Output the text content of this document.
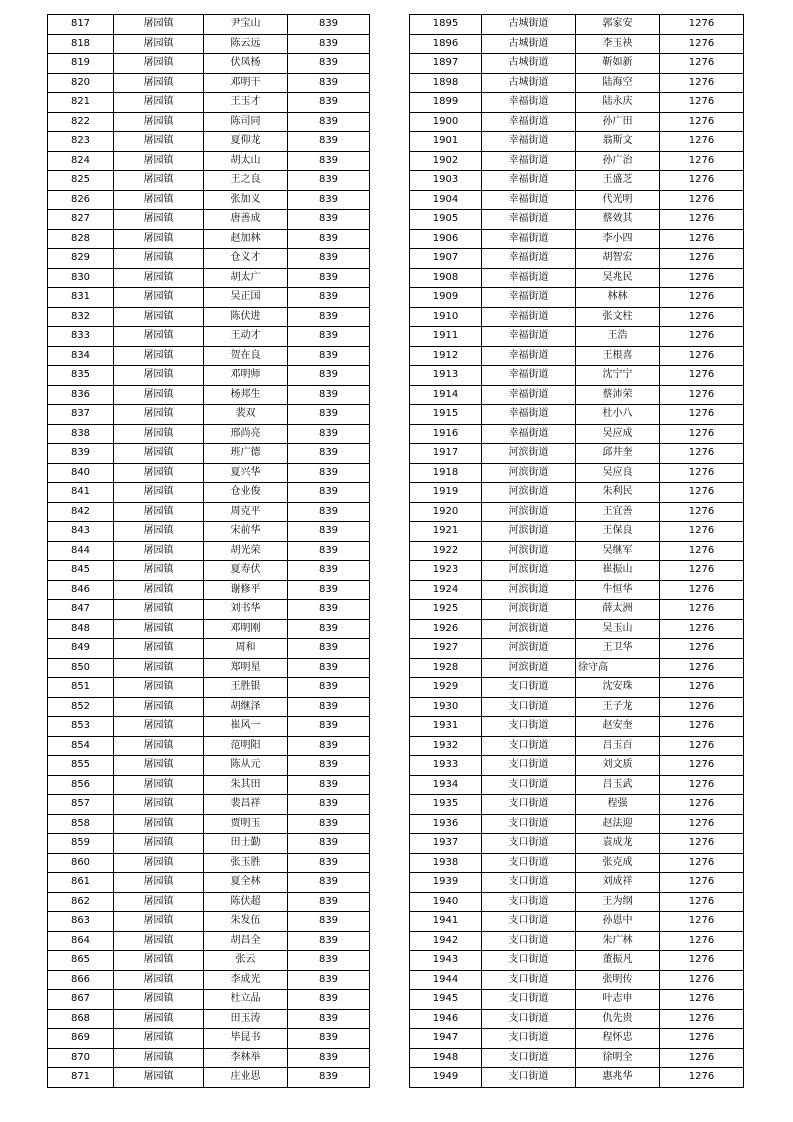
817	屠园镇	尹宝山	839
818	屠园镇	陈云远	839
819	屠园镇	伏凤杨	839
820	屠园镇	邓明干	839
821	屠园镇	王玉才	839
822	屠园镇	陈司同	839
823	屠园镇	夏仰龙	839
824	屠园镇	胡太山	839
825	屠园镇	王之良	839
826	屠园镇	张加义	839
827	屠园镇	唐善成	839
828	屠园镇	赵加林	839
829	屠园镇	仓义才	839
830	屠园镇	胡太广	839
831	屠园镇	吴正国	839
832	屠园镇	陈伏进	839
833	屠园镇	王动才	839
834	屠园镇	贺在良	839
835	屠园镇	邓明师	839
836	屠园镇	杨邦生	839
837	屠园镇	裴双	839
838	屠园镇	邢尚亮	839
839	屠园镇	班广德	839
840	屠园镇	夏兴华	839
841	屠园镇	仓业俊	839
842	屠园镇	周克平	839
843	屠园镇	宋前华	839
844	屠园镇	胡光荣	839
845	屠园镇	夏寿伏	839
846	屠园镇	谢修平	839
847	屠园镇	刘书华	839
848	屠园镇	邓明刚	839
849	屠园镇	周和	839
850	屠园镇	郑明星	839
851	屠园镇	王胜银	839
852	屠园镇	胡继泽	839
853	屠园镇	崔风一	839
854	屠园镇	范明阳	839
855	屠园镇	陈从元	839
856	屠园镇	朱其田	839
857	屠园镇	裴昌祥	839
858	屠园镇	贾明玉	839
859	屠园镇	田士勤	839
860	屠园镇	张玉胜	839
861	屠园镇	夏全林	839
862	屠园镇	陈伏超	839
863	屠园镇	朱发伍	839
864	屠园镇	胡昌全	839
865	屠园镇	张云	839
866	屠园镇	李成光	839
867	屠园镇	杜立品	839
868	屠园镇	田玉涛	839
869	屠园镇	毕昆书	839
870	屠园镇	李林举	839
871	屠园镇	庄业思	839
1895	古城街道	郭家安	1276
1896	古城街道	李玉袂	1276
1897	古城街道	靳如新	1276
1898	古城街道	陆海空	1276
1899	幸福街道	陆永庆	1276
1900	幸福街道	孙广田	1276
1901	幸福街道	翁斯文	1276
1902	幸福街道	孙广治	1276
1903	幸福街道	王盛芝	1276
1904	幸福街道	代光明	1276
1905	幸福街道	蔡效其	1276
1906	幸福街道	李小四	1276
1907	幸福街道	胡智宏	1276
1908	幸福街道	吴兆民	1276
1909	幸福街道	林林	1276
1910	幸福街道	张文柱	1276
1911	幸福街道	王浩	1276
1912	幸福街道	王根喜	1276
1913	幸福街道	沈宁宁	1276
1914	幸福街道	蔡沛荣	1276
1915	幸福街道	杜小八	1276
1916	幸福街道	吴应成	1276
1917	河滨街道	邱井奎	1276
1918	河滨街道	吴应良	1276
1919	河滨街道	朱利民	1276
1920	河滨街道	王宜善	1276
1921	河滨街道	王保良	1276
1922	河滨街道	吴继军	1276
1923	河滨街道	崔振山	1276
1924	河滨街道	牛恒华	1276
1925	河滨街道	薛太洲	1276
1926	河滨街道	吴玉山	1276
1927	河滨街道	王卫华	1276
1928	河滨街道	徐守高	1276
1929	支口街道	沈安珠	1276
1930	支口街道	王子龙	1276
1931	支口街道	赵安奎	1276
1932	支口街道	吕玉百	1276
1933	支口街道	刘文质	1276
1934	支口街道	吕玉武	1276
1935	支口街道	程强	1276
1936	支口街道	赵法迎	1276
1937	支口街道	袁成龙	1276
1938	支口街道	张克成	1276
1939	支口街道	刘成祥	1276
1940	支口街道	王为纲	1276
1941	支口街道	孙恩中	1276
1942	支口街道	朱广林	1276
1943	支口街道	董振凡	1276
1944	支口街道	张明传	1276
1945	支口街道	叶志申	1276
1946	支口街道	仇先贵	1276
1947	支口街道	程怀忠	1276
1948	支口街道	徐明全	1276
1949	支口街道	惠兆华	1276
